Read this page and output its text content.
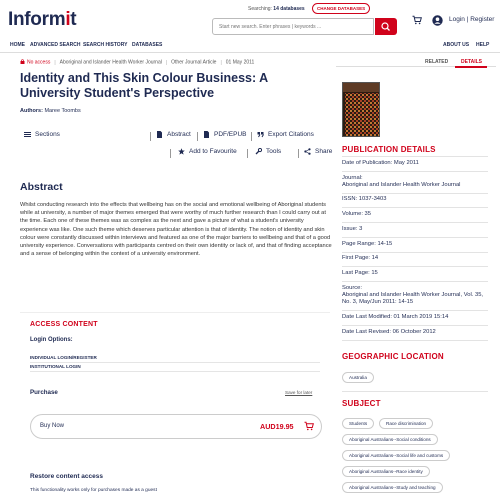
Informit	Searching: 14 databases	CHANGE DATABASES
Start new search. Enter phrases | keywords ...
Login | Register
HOME ADVANCED SEARCH SEARCH HISTORY DATABASES	ABOUT US HELP
No access | Aboriginal and Islander Health Worker Journal | Other Journal Article | 01 May 2011
Identity and This Skin Colour Business: A University Student's Perspective
Authors: Maree Toombs
Sections	Abstract	PDF/EPUB	Export Citations
Add to Favourite	Tools	Share
Abstract

Whilst conducting research into the effects that wellbeing has on the social and emotional wellbeing of Aboriginal students while at university, a number of major themes emerged that were worthy of much further research than I could carry out at the time. Each one of these themes was as complex as the next and gave a picture of what a student's university experience was like. One such theme which deserves particular attention is that of identity. The notion of identity and skin colour were constantly discussed within interviews and featured as one of the major barriers to wellbeing and that of a good university experience. Conversations with participants centred on their own identity or lack of, and that of finding acceptance and a sense of belonging within the context of a university environment.

ACCESS CONTENT
Login Options:
INDIVIDUAL LOGIN/REGISTER
INSTITUTIONAL LOGIN
Purchase	Save for later
Buy Now	AUD19.95
Restore content access
This functionality works only for purchases made as a guest
RELATED	DETAILS
PUBLICATION DETAILS
Date of Publication: May 2011
Journal:
Aboriginal and Islander Health Worker Journal
ISSN: 1037-3403
Volume: 35
Issue: 3
Page Range: 14-15
First Page: 14
Last Page: 15
Source:
Aboriginal and Islander Health Worker Journal, Vol. 35, No. 3, May/Jun 2011: 14-15
Date Last Modified: 01 March 2019 15:14
Date Last Revised: 06 October 2012
GEOGRAPHIC LOCATION
Australia
SUBJECT
Students	Race discrimination
Aboriginal Australians--Social conditions
Aboriginal Australians--Social life and customs
Aboriginal Australians--Race identity
Aboriginal Australians--Study and teaching
